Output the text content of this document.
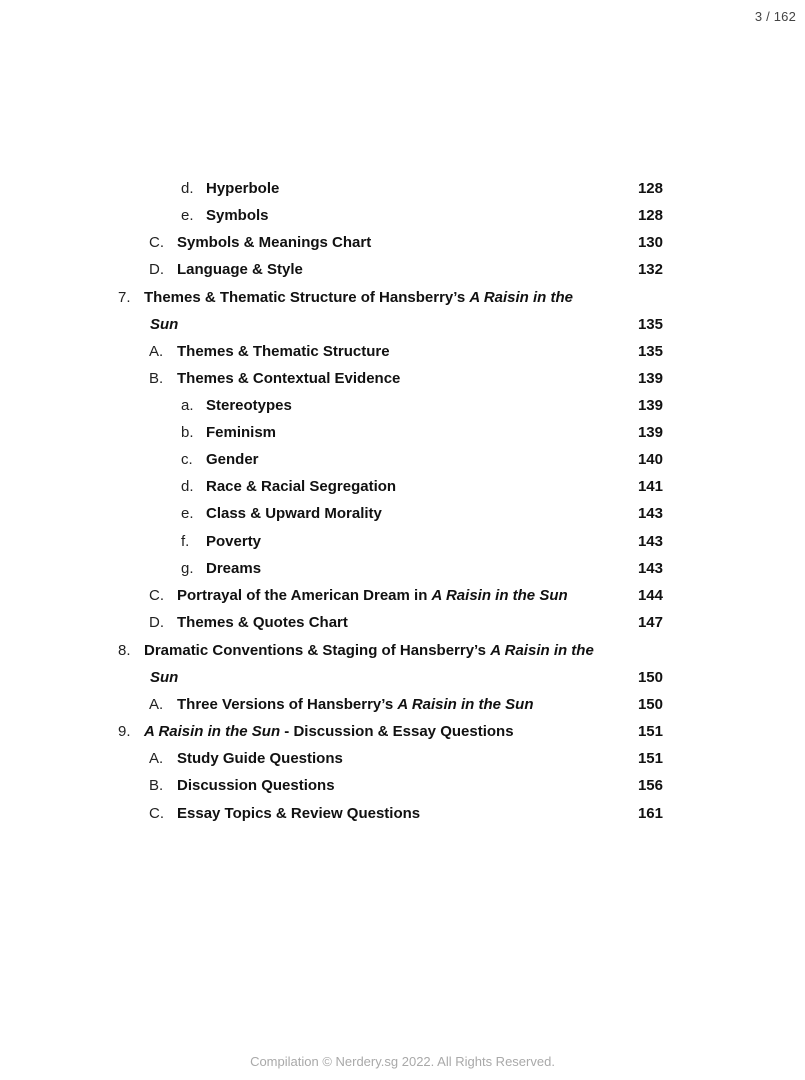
3 / 162
d. Hyperbole	128
e. Symbols	128
C. Symbols & Meanings Chart	130
D. Language & Style	132
7. Themes & Thematic Structure of Hansberry’s A Raisin in the
Sun	135
A. Themes & Thematic Structure	135
B. Themes & Contextual Evidence	139
a. Stereotypes	139
b. Feminism	139
c. Gender	140
d. Race & Racial Segregation	141
e. Class & Upward Morality	143
f. Poverty	143
g. Dreams	143
C. Portrayal of the American Dream in A Raisin in the Sun	144
D. Themes & Quotes Chart	147
8. Dramatic Conventions & Staging of Hansberry’s A Raisin in the
Sun	150
A. Three Versions of Hansberry’s A Raisin in the Sun	150
9. A Raisin in the Sun - Discussion & Essay Questions	151
A. Study Guide Questions	151
B. Discussion Questions	156
C. Essay Topics & Review Questions	161
Compilation © Nerdery.sg 2022. All Rights Reserved.
